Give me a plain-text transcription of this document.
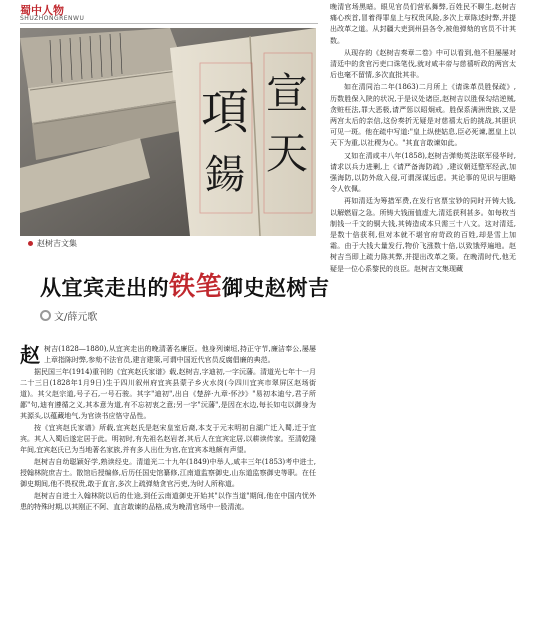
蜀中人物
SHUZHONGRENWU
項
鍚
宣
天
赵树吉文集
从宜宾走出的铁笔御史赵树吉
文/薛元歌

赵树吉(1828—1880),从宜宾走出的晚清著名廉臣。他身列谏垣,持正守节,廉洁奉公,屡屡上章指陈时弊,参劾不法官员,建言建策,可谓中国近代官员反腐倡廉的典范。

据民国三年(1914)重刊的《宜宾赵氏家谱》载,赵树吉,字迪初,一字沅藩。清道光七年十一月二十三日(1828年1月9日)生于四川叙州府宜宾县蒙子乡火水岗(今四川宜宾市翠屏区赵场街道)。其父赵宗道,号子石,一号石骏。其字"迪初",出自《楚辞·九章·怀沙》"易初本迪兮,君子所鄙"句,迪有遵循之义,其本意为道,有不忘初衷之意;另一字"沅藩",是因在水边,每长如屯以御身为其源头,以蕴藏地气,为官读书应恪守品性。

按《宜宾赵氏家谱》所载,宜宾赵氏是赵宋皇室后裔,本支于元末明初自湖广迁入蜀,迁于宜宾。其人入蜀后遂定居于此。明初时,有先祖名赵岩者,其后人在宜宾定居,以耕读传家。至清乾隆年间,宜宾赵氏已为当地著名家族,并有多人出仕为官,在宜宾本地颇有声望。

赵树吉自幼聪颖好学,熟读经史。清道光二十九年(1849)中举人,咸丰三年(1853)考中进士,授翰林院庶吉士。散馆后授编修,后历任国史馆纂修,江南道监察御史,山东道监察御史等职。在任御史期间,他不畏权贵,敢于直言,多次上疏弹劾贪官污吏,为时人所称道。

赵树吉自进士入翰林院以后的仕途,到任云南道御史开始其"以作当道"期间,他在中国内忧外患的特殊时期,以其刚正不阿、直言敢谏的品格,成为晚清官场中一股清流。

晚清官场黑暗。眼见官员们营私舞弊,百姓民不聊生,赵树吉痛心疾首,冒着得罪皇上与权贵风险,多次上章陈述时弊,并提出改革之道。从封疆大吏到州县各令,被他弹劾的官员不计其数。

从现存的《赵树吉奏章二卷》中可以看到,他不但屡屡对清廷中的贪官污吏口诛笔伐,就对咸丰帝与慈禧听政的两宫太后也毫不留情,多次直批其非。

如在清同治二年(1863)二月所上《请诛革员胜保疏》,历数胜保入陕的状况,于是议处诸臣,赵树吉以胜保勾结逆贼,贪赃枉法,罪大恶极,请严惩以昭炯戒。胜保系满洲贵族,又是两宫太后的亲信,这份奏折无疑是对慈禧太后的挑战,其胆识可见一斑。他在疏中写道:"皇上纵使姑息,臣必死谏,愿皇上以天下为重,以社稷为心。"其直言敢谏如此。

又如在清咸丰八年(1858),赵树吉弹劾英法联军侵华时,请求以兵力进剿,上《请严备海防疏》,建议朝廷整军经武,加强海防,以防外敌入侵,可谓深谋远虑。其论事的见识与胆略令人钦佩。

再如清廷为筹措军费,在发行官票宝钞的同时开铸大钱,以解燃眉之急。所铸大钱面值虚大,清廷获利甚多。如每枚当制钱一千文的铜大钱,其铸造成本只需三十八文。这对清廷,是数十倍获利,但对本就不堪官府苛政的百姓,却是雪上加霜。由于大钱大量发行,物价飞涨数十倍,以致饿殍遍地。赵树吉当即上疏力陈其弊,并提出改革之策。在晚清时代,他无疑是一位心系黎民的良臣。赵树吉文集现藏
